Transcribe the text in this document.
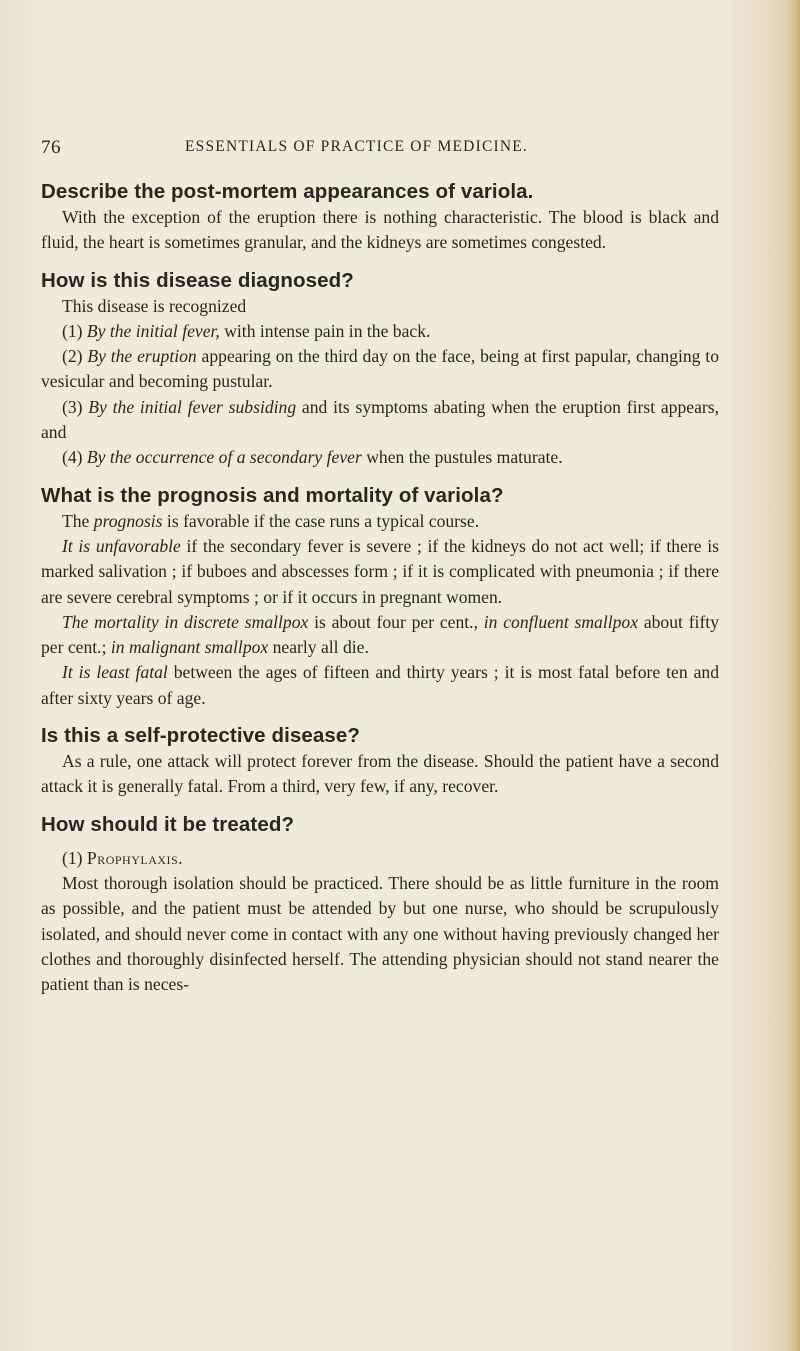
76	ESSENTIALS OF PRACTICE OF MEDICINE.

Describe the post-mortem appearances of variola.

With the exception of the eruption there is nothing characteristic. The blood is black and fluid, the heart is sometimes granular, and the kidneys are sometimes congested.

How is this disease diagnosed?

This disease is recognized

(1) By the initial fever, with intense pain in the back.

(2) By the eruption appearing on the third day on the face, being at first papular, changing to vesicular and becoming pustular.

(3) By the initial fever subsiding and its symptoms abating when the eruption first appears, and

(4) By the occurrence of a secondary fever when the pustules maturate.

What is the prognosis and mortality of variola?

The prognosis is favorable if the case runs a typical course.

It is unfavorable if the secondary fever is severe ; if the kidneys do not act well; if there is marked salivation ; if buboes and abscesses form ; if it is complicated with pneumonia ; if there are severe cerebral symptoms ; or if it occurs in pregnant women.

The mortality in discrete smallpox is about four per cent., in confluent smallpox about fifty per cent.; in malignant smallpox nearly all die.

It is least fatal between the ages of fifteen and thirty years ; it is most fatal before ten and after sixty years of age.

Is this a self-protective disease?

As a rule, one attack will protect forever from the disease. Should the patient have a second attack it is generally fatal. From a third, very few, if any, recover.

How should it be treated?

(1) Prophylaxis.

Most thorough isolation should be practiced. There should be as little furniture in the room as possible, and the patient must be attended by but one nurse, who should be scrupulously isolated, and should never come in contact with any one without having previously changed her clothes and thoroughly disinfected herself. The attending physician should not stand nearer the patient than is neces-
